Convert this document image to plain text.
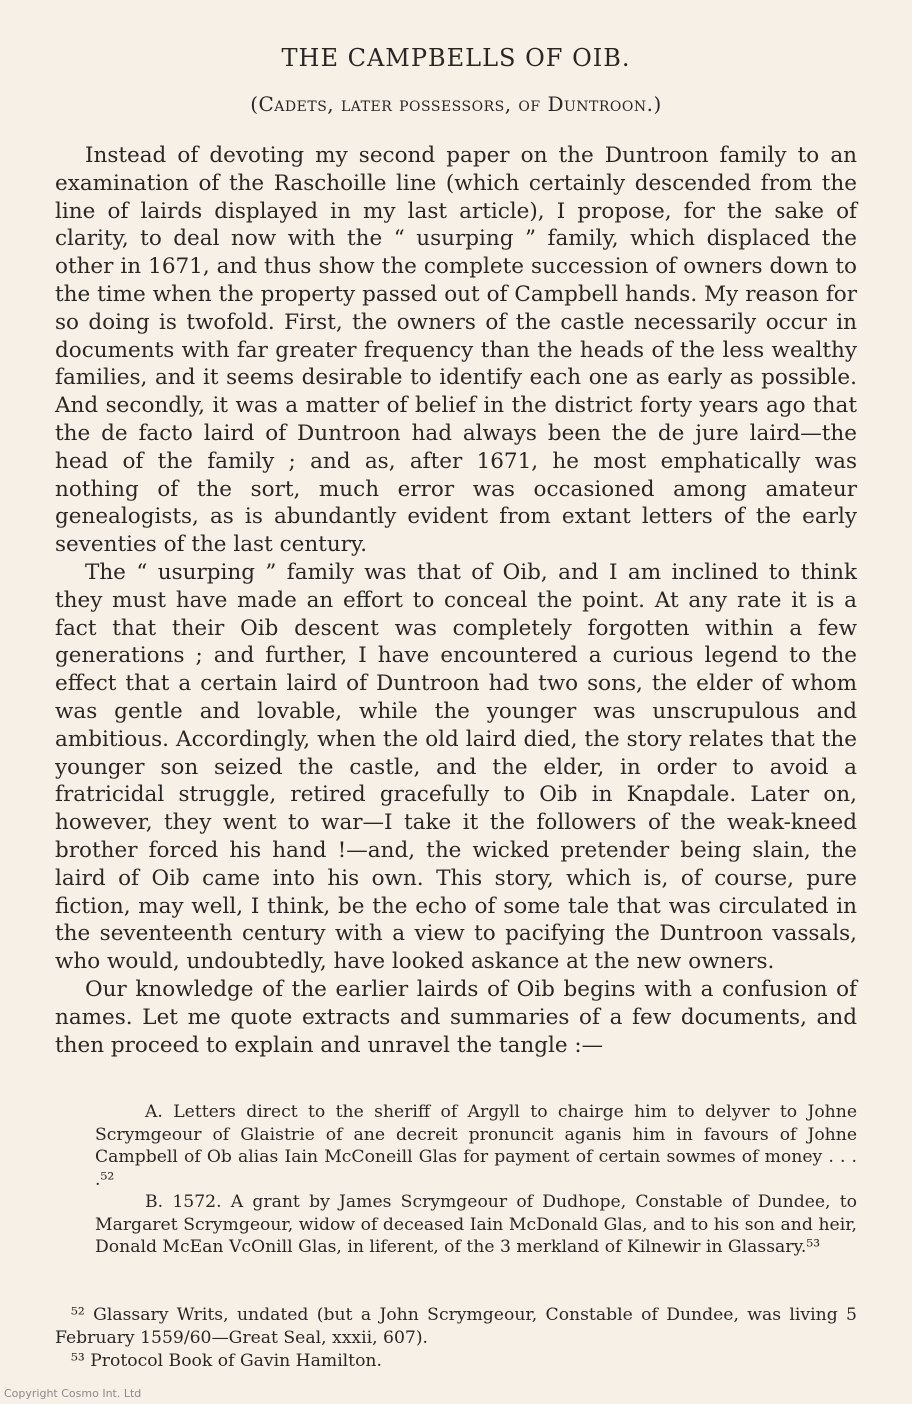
THE CAMPBELLS OF OIB.
(Cadets, later possessors, of Duntroon.)

Instead of devoting my second paper on the Duntroon family to an examination of the Raschoille line (which certainly descended from the line of lairds displayed in my last article), I propose, for the sake of clarity, to deal now with the “ usurping ” family, which displaced the other in 1671, and thus show the complete succession of owners down to the time when the property passed out of Campbell hands. My reason for so doing is twofold. First, the owners of the castle necessarily occur in documents with far greater frequency than the heads of the less wealthy families, and it seems desirable to identify each one as early as possible. And secondly, it was a matter of belief in the district forty years ago that the de facto laird of Duntroon had always been the de jure laird—the head of the family ; and as, after 1671, he most emphatically was nothing of the sort, much error was occasioned among amateur genealogists, as is abundantly evident from extant letters of the early seventies of the last century.

The “ usurping ” family was that of Oib, and I am inclined to think they must have made an effort to conceal the point. At any rate it is a fact that their Oib descent was completely forgotten within a few generations ; and further, I have encountered a curious legend to the effect that a certain laird of Duntroon had two sons, the elder of whom was gentle and lovable, while the younger was unscrupulous and ambitious. Accordingly, when the old laird died, the story relates that the younger son seized the castle, and the elder, in order to avoid a fratricidal struggle, retired gracefully to Oib in Knapdale. Later on, however, they went to war—I take it the followers of the weak-kneed brother forced his hand !—and, the wicked pretender being slain, the laird of Oib came into his own. This story, which is, of course, pure fiction, may well, I think, be the echo of some tale that was circulated in the seventeenth century with a view to pacifying the Duntroon vassals, who would, undoubtedly, have looked askance at the new owners.

Our knowledge of the earlier lairds of Oib begins with a confusion of names. Let me quote extracts and summaries of a few documents, and then proceed to explain and unravel the tangle :—

A. Letters direct to the sheriff of Argyll to chairge him to delyver to Johne Scrymgeour of Glaistrie of ane decreit pronuncit aganis him in favours of Johne Campbell of Ob alias Iain McConeill Glas for payment of certain sowmes of money . . . .⁵²

B. 1572. A grant by James Scrymgeour of Dudhope, Constable of Dundee, to Margaret Scrymgeour, widow of deceased Iain McDonald Glas, and to his son and heir, Donald McEan VcOnill Glas, in liferent, of the 3 merkland of Kilnewir in Glassary.⁵³

⁵² Glassary Writs, undated (but a John Scrymgeour, Constable of Dundee, was living 5 February 1559/60—Great Seal, xxxii, 607).

⁵³ Protocol Book of Gavin Hamilton.

Copyright Cosmo Int. Ltd
